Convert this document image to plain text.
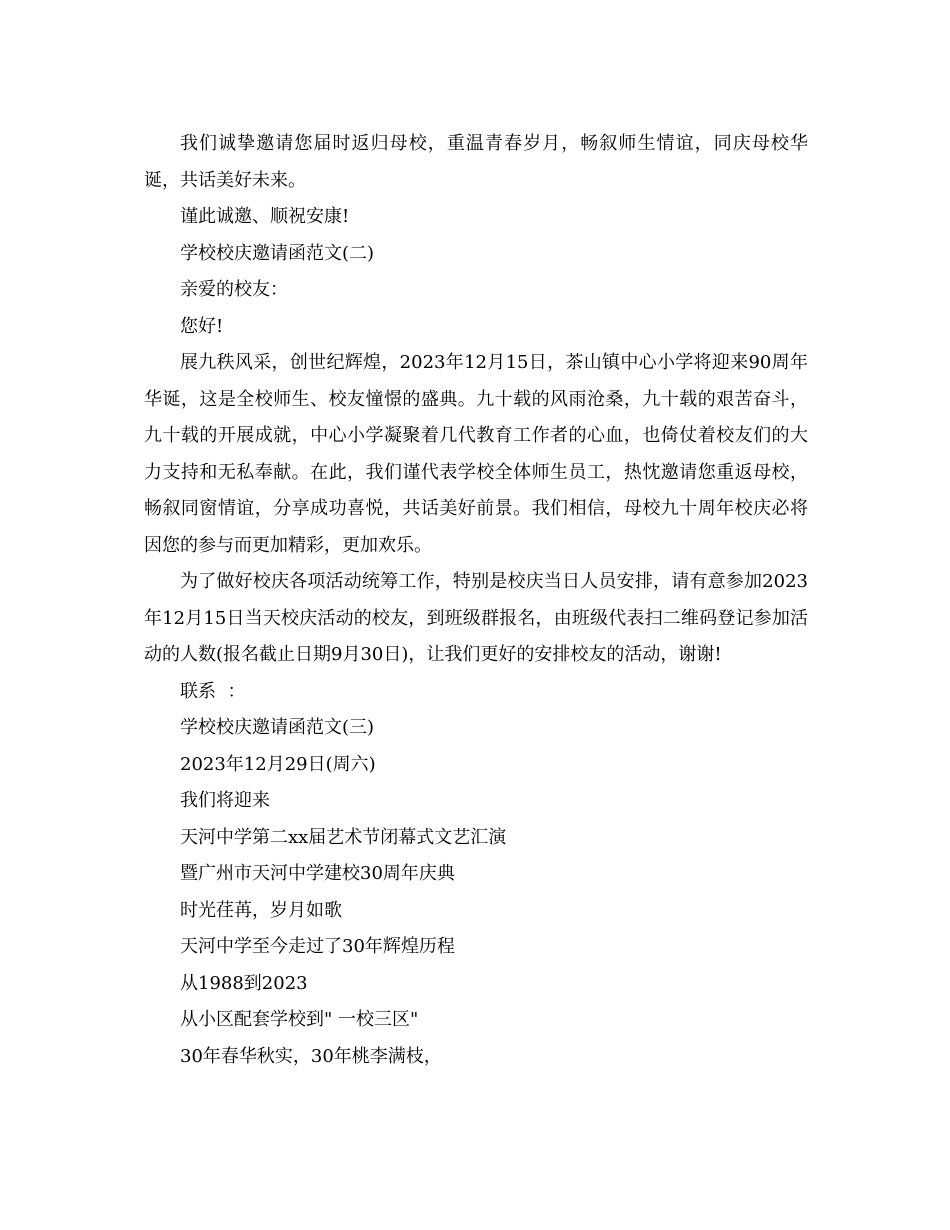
我们诚挚邀请您届时返归母校，重温青春岁月，畅叙师生情谊，同庆母校华诞，共话美好未来。

谨此诚邀、顺祝安康!

学校校庆邀请函范文(二)

亲爱的校友：

您好!

展九秩风采，创世纪辉煌，2023年12月15日，茶山镇中心小学将迎来90周年华诞，这是全校师生、校友憧憬的盛典。九十载的风雨沧桑，九十载的艰苦奋斗，九十载的开展成就，中心小学凝聚着几代教育工作者的心血，也倚仗着校友们的大力支持和无私奉献。在此，我们谨代表学校全体师生员工，热忱邀请您重返母校，畅叙同窗情谊，分享成功喜悦，共话美好前景。我们相信，母校九十周年校庆必将因您的参与而更加精彩，更加欢乐。

为了做好校庆各项活动统筹工作，特别是校庆当日人员安排，请有意参加2023年12月15日当天校庆活动的校友，到班级群报名，由班级代表扫二维码登记参加活动的人数(报名截止日期9月30日)，让我们更好的安排校友的活动，谢谢!

联系  ：

学校校庆邀请函范文(三)

2023年12月29日(周六)

我们将迎来

天河中学第二xx届艺术节闭幕式文艺汇演

暨广州市天河中学建校30周年庆典

时光荏苒，岁月如歌

天河中学至今走过了30年辉煌历程

从1988到2023

从小区配套学校到" 一校三区"

30年春华秋实，30年桃李满枝，
